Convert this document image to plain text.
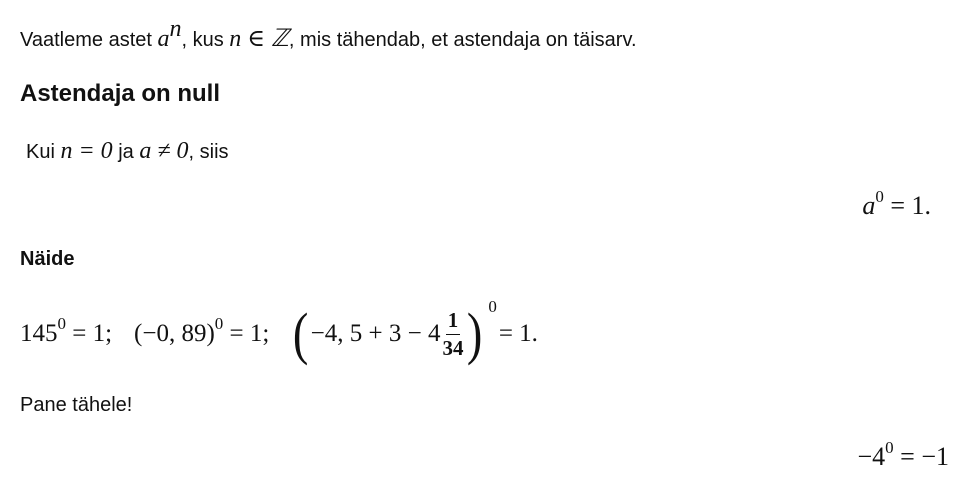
Vaatleme astet $a^n$, kus n ∈ ℤ, mis tähendab, et astendaja on täisarv.
Astendaja on null
Kui n = 0 ja a ≠ 0, siis
$a^0 = 1$.
Näide
$145^0 = 1$; (−0, 89)$^0$ = 1; ( −4, $5 + 3 - 4 \frac{1}{34}$ ) 0
= 1.
Pane tähele!
$-4^0 = -1$
